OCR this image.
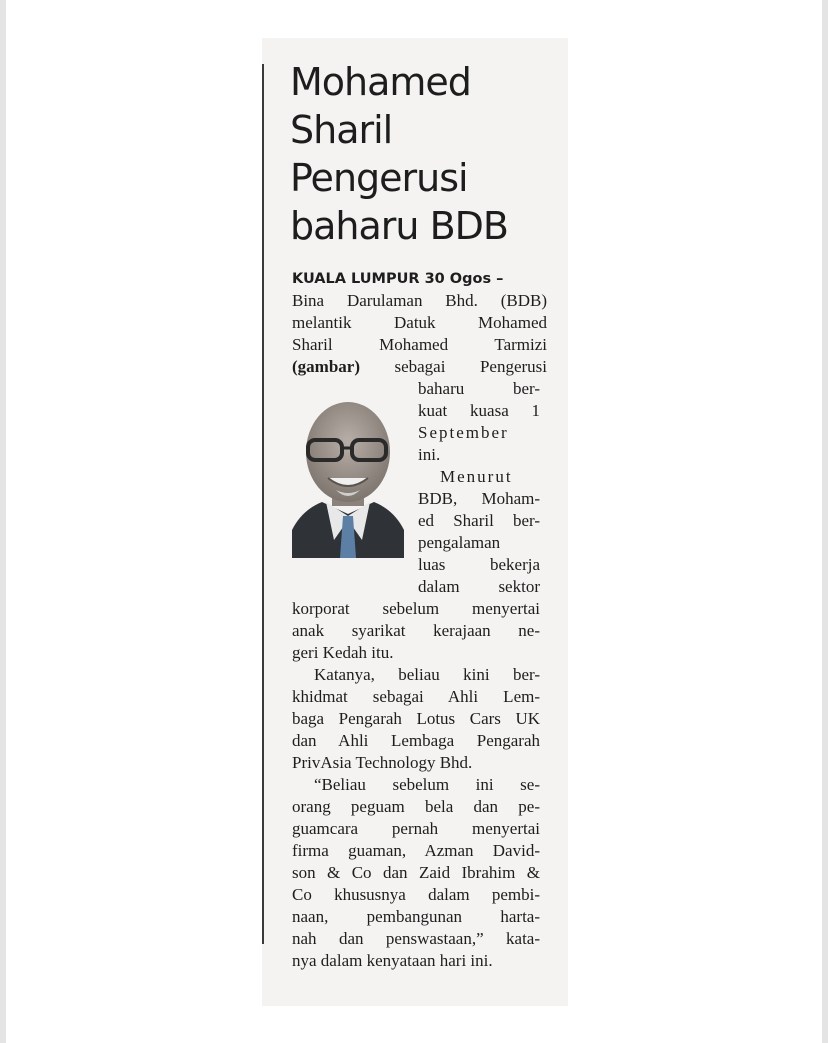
Mohamed
Sharil
Pengerusi
baharu BDB
KUALA LUMPUR 30 Ogos –
Bina Darulaman Bhd. (BDB)
melantik Datuk Mohamed
Sharil Mohamed Tarmizi
(gambar) sebagai Pengerusi
baharu ber-
kuat kuasa 1
September
ini.
Menurut
BDB, Moham-
ed Sharil ber-
pengalaman
luas bekerja
dalam sektor
korporat sebelum menyertai
anak syarikat kerajaan ne-
geri Kedah itu.
Katanya, beliau kini ber-
khidmat sebagai Ahli Lem-
baga Pengarah Lotus Cars UK
dan Ahli Lembaga Pengarah
PrivAsia Technology Bhd.
“Beliau sebelum ini se-
orang peguam bela dan pe-
guamcara pernah menyertai
firma guaman, Azman David-
son & Co dan Zaid Ibrahim &
Co khususnya dalam pembi-
naan, pembangunan harta-
nah dan penswastaan,” kata-
nya dalam kenyataan hari ini.
